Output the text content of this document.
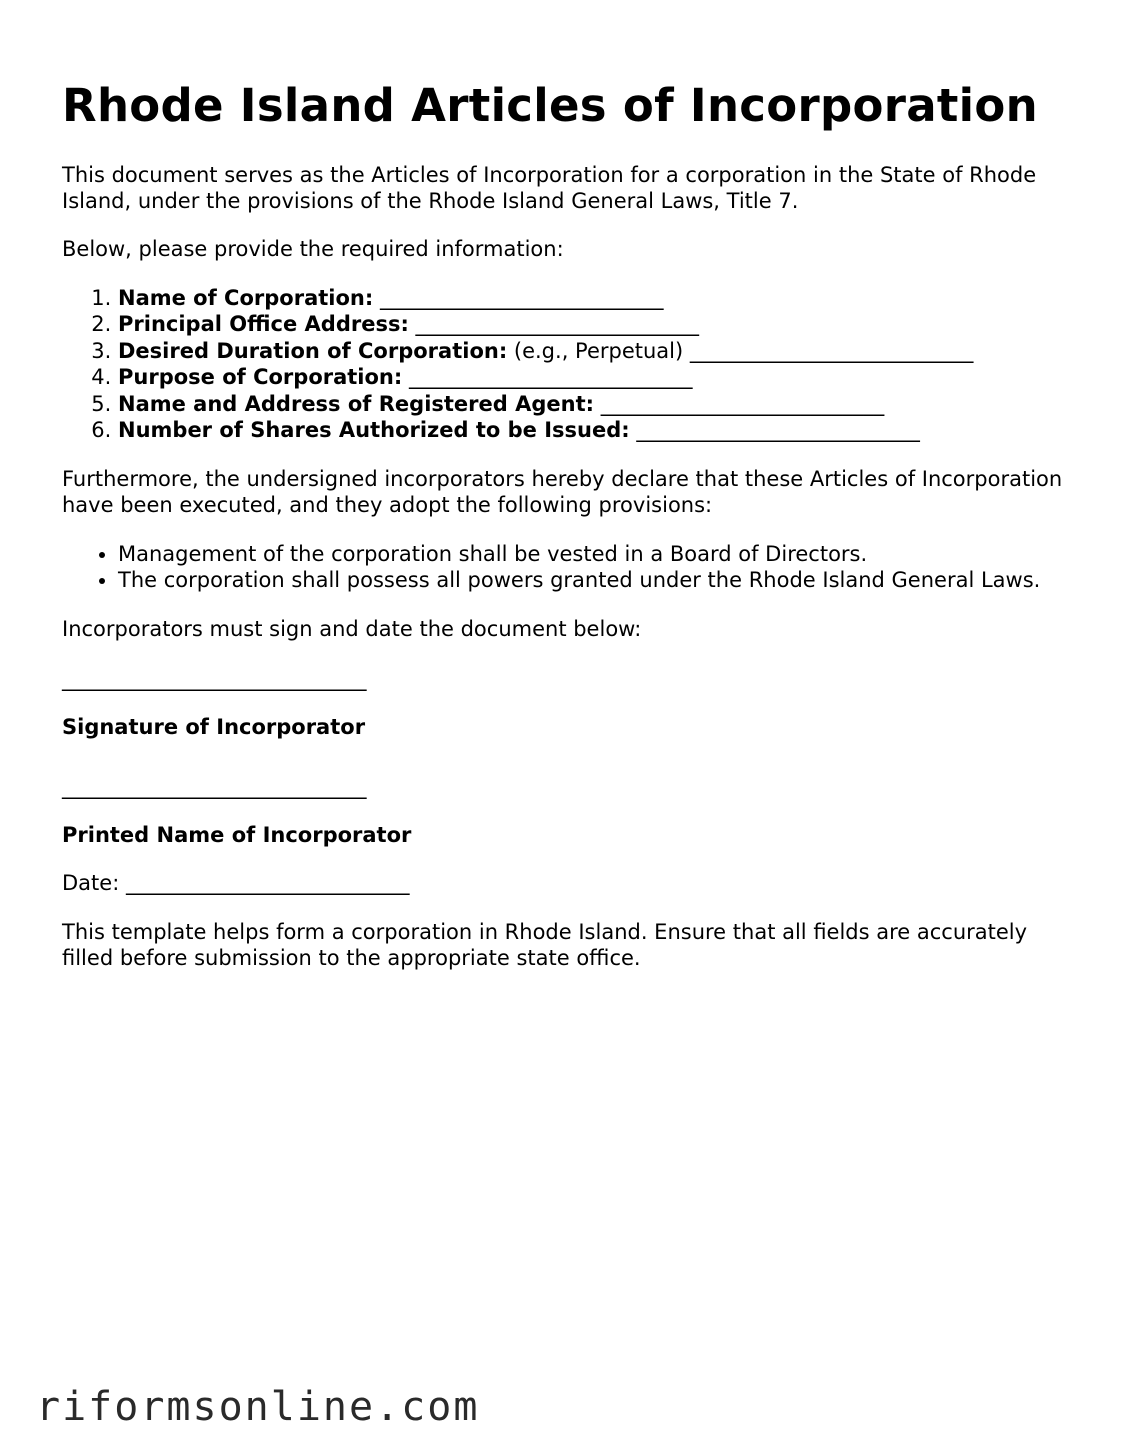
Rhode Island Articles of Incorporation

This document serves as the Articles of Incorporation for a corporation in the State of Rhode Island, under the provisions of the Rhode Island General Laws, Title 7.

Below, please provide the required information:

1. Name of Corporation: ___________________________
2. Principal Office Address: ___________________________
3. Desired Duration of Corporation: (e.g., Perpetual) ___________________________
4. Purpose of Corporation: ___________________________
5. Name and Address of Registered Agent: ___________________________
6. Number of Shares Authorized to be Issued: ___________________________

Furthermore, the undersigned incorporators hereby declare that these Articles of Incorporation have been executed, and they adopt the following provisions:

• Management of the corporation shall be vested in a Board of Directors.
• The corporation shall possess all powers granted under the Rhode Island General Laws.

Incorporators must sign and date the document below:

_____________________________
Signature of Incorporator
_____________________________
Printed Name of Incorporator

Date: ___________________________

This template helps form a corporation in Rhode Island. Ensure that all fields are accurately filled before submission to the appropriate state office.

riformsonline.com
